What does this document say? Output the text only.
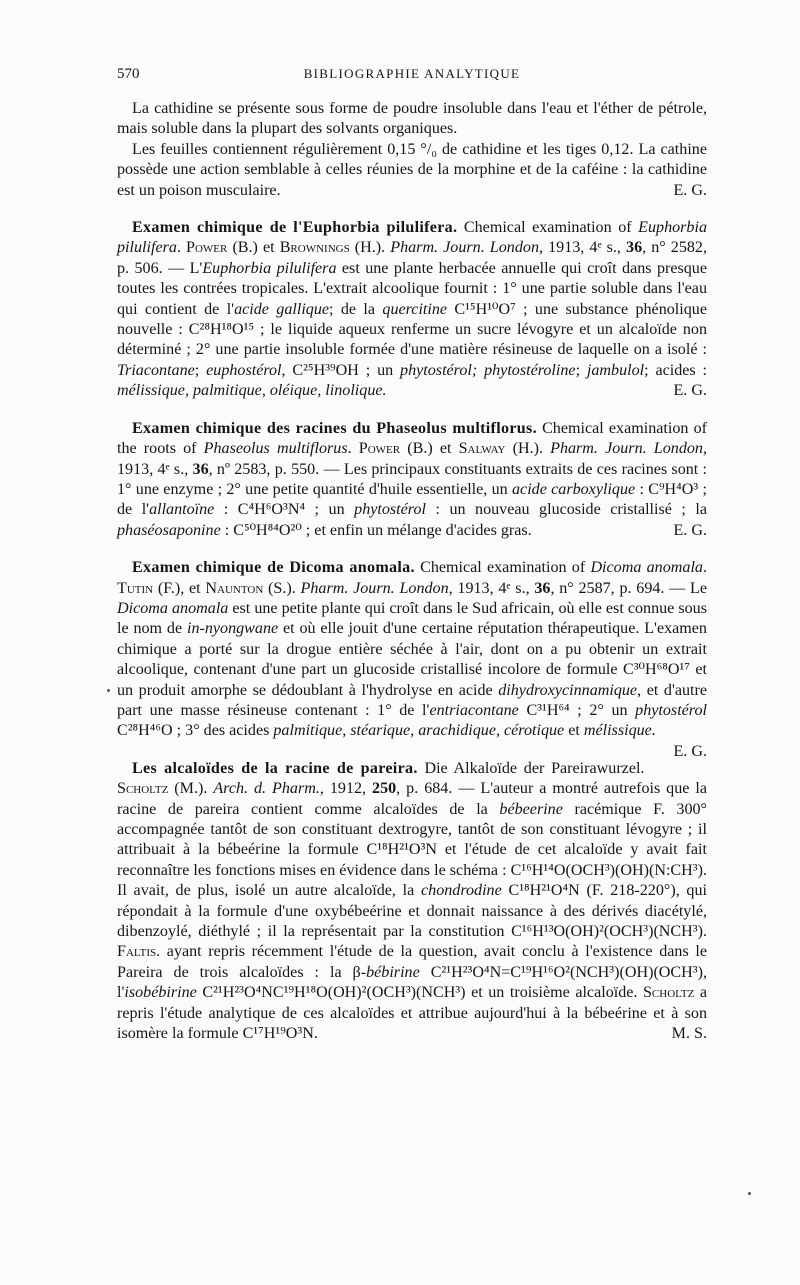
570	BIBLIOGRAPHIE ANALYTIQUE

La cathidine se présente sous forme de poudre insoluble dans l'eau et l'éther de pétrole, mais soluble dans la plupart des solvants organiques.

Les feuilles contiennent régulièrement 0,15 °/₀ de cathidine et les tiges 0,12. La cathine possède une action semblable à celles réunies de la morphine et de la caféine : la cathidine est un poison musculaire.	E. G.

Examen chimique de l'Euphorbia pilulifera. Chemical examination of Euphorbia pilulifera. Power (B.) et Brownings (H.). Pharm. Journ. London, 1913, 4ᵉ s., 36, n° 2582, p. 506. — L'Euphorbia pilulifera est une plante herbacée annuelle qui croît dans presque toutes les contrées tropicales. L'extrait alcoolique fournit : 1° une partie soluble dans l'eau qui contient de l'acide gallique; de la quercitine C¹⁵H¹⁰O⁷ ; une substance phénolique nouvelle : C²⁸H¹⁸O¹⁵ ; le liquide aqueux renferme un sucre lévogyre et un alcaloïde non déterminé ; 2° une partie insoluble formée d'une matière résineuse de laquelle on a isolé : Triacontane; euphostérol, C²⁵H³⁹OH ; un phytostérol; phytostéroline; jambulol; acides : mélissique, palmitique, oléique, linolique.	E. G.

Examen chimique des racines du Phaseolus multiflorus. Chemical examination of the roots of Phaseolus multiflorus. Power (B.) et Salway (H.). Pharm. Journ. London, 1913, 4ᵉ s., 36, nº 2583, p. 550. — Les principaux constituants extraits de ces racines sont : 1° une enzyme ; 2° une petite quantité d'huile essentielle, un acide carboxylique : C⁹H⁴O³ ; de l'allantoïne : C⁴H⁶O³N⁴ ; un phytostérol : un nouveau glucoside cristallisé ; la phaséosaponine : C⁵⁰H⁸⁴O²⁰ ; et enfin un mélange d'acides gras.	E. G.

Examen chimique de Dicoma anomala. Chemical examination of Dicoma anomala. Tutin (F.), et Naunton (S.). Pharm. Journ. London, 1913, 4ᵉ s., 36, n° 2587, p. 694. — Le Dicoma anomala est une petite plante qui croît dans le Sud africain, où elle est connue sous le nom de in-nyongwane et où elle jouit d'une certaine réputation thérapeutique. L'examen chimique a porté sur la drogue entière séchée à l'air, dont on a pu obtenir un extrait alcoolique, contenant d'une part un glucoside cristallisé incolore de formule C³⁰H⁶⁸O¹⁷ et un produit amorphe se dédoublant à l'hydrolyse en acide dihydroxycinnamique, et d'autre part une masse résineuse contenant : 1° de l'entriacontane C³¹H⁶⁴ ; 2° un phytostérol C²⁸H⁴⁶O ; 3° des acides palmitique, stéarique, arachidique, cérotique et mélissique.
E. G.

Les alcaloïdes de la racine de pareira. Die Alkaloïde der Pareirawurzel. Scholtz (M.). Arch. d. Pharm., 1912, 250, p. 684. — L'auteur a montré autrefois que la racine de pareira contient comme alcaloïdes de la bébeerine racémique F. 300° accompagnée tantôt de son constituant dextrogyre, tantôt de son constituant lévogyre ; il attribuait à la bébeérine la formule C¹⁸H²¹O³N et l'étude de cet alcaloïde y avait fait reconnaître les fonctions mises en évidence dans le schéma : C¹⁶H¹⁴O(OCH³)(OH)(N:CH³). Il avait, de plus, isolé un autre alcaloïde, la chondrodine C¹⁸H²¹O⁴N (F. 218-220°), qui répondait à la formule d'une oxybébeérine et donnait naissance à des dérivés diacétylé, dibenzoylé, diéthylé ; il la représentait par la constitution C¹⁶H¹³O(OH)²(OCH³)(NCH³). Faltis. ayant repris récemment l'étude de la question, avait conclu à l'existence dans le Pareira de trois alcaloïdes : la β-bébirine C²¹H²³O⁴N=C¹⁹H¹⁶O²(NCH³)(OH)(OCH³), l'isobébirine C²¹H²³O⁴NC¹⁹H¹⁸O(OH)²(OCH³)(NCH³) et un troisième alcaloïde. Scholtz a repris l'étude analytique de ces alcaloïdes et attribue aujourd'hui à la bébeérine et à son isomère la formule C¹⁷H¹⁹O³N.	M. S.
